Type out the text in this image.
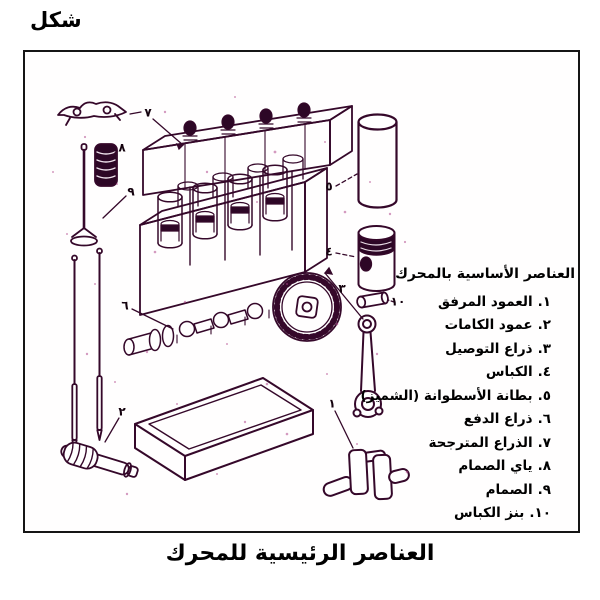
شكل
٧
٨
٩
٦
٢
٥
٤
٣
١٠
١
العناصر الأساسية بالمحرك
١.
العمود المرفق
٢.
عمود الكامات
٣.
ذراع التوصيل
٤.
الكباس
٥.
بطانة الأسطوانة (الشميز)
٦.
ذراع الدفع
٧.
الذراع المترجحة
٨.
ياي الصمام
٩.
الصمام
١٠.
بنز الكباس
العناصر الرئيسية للمحرك
